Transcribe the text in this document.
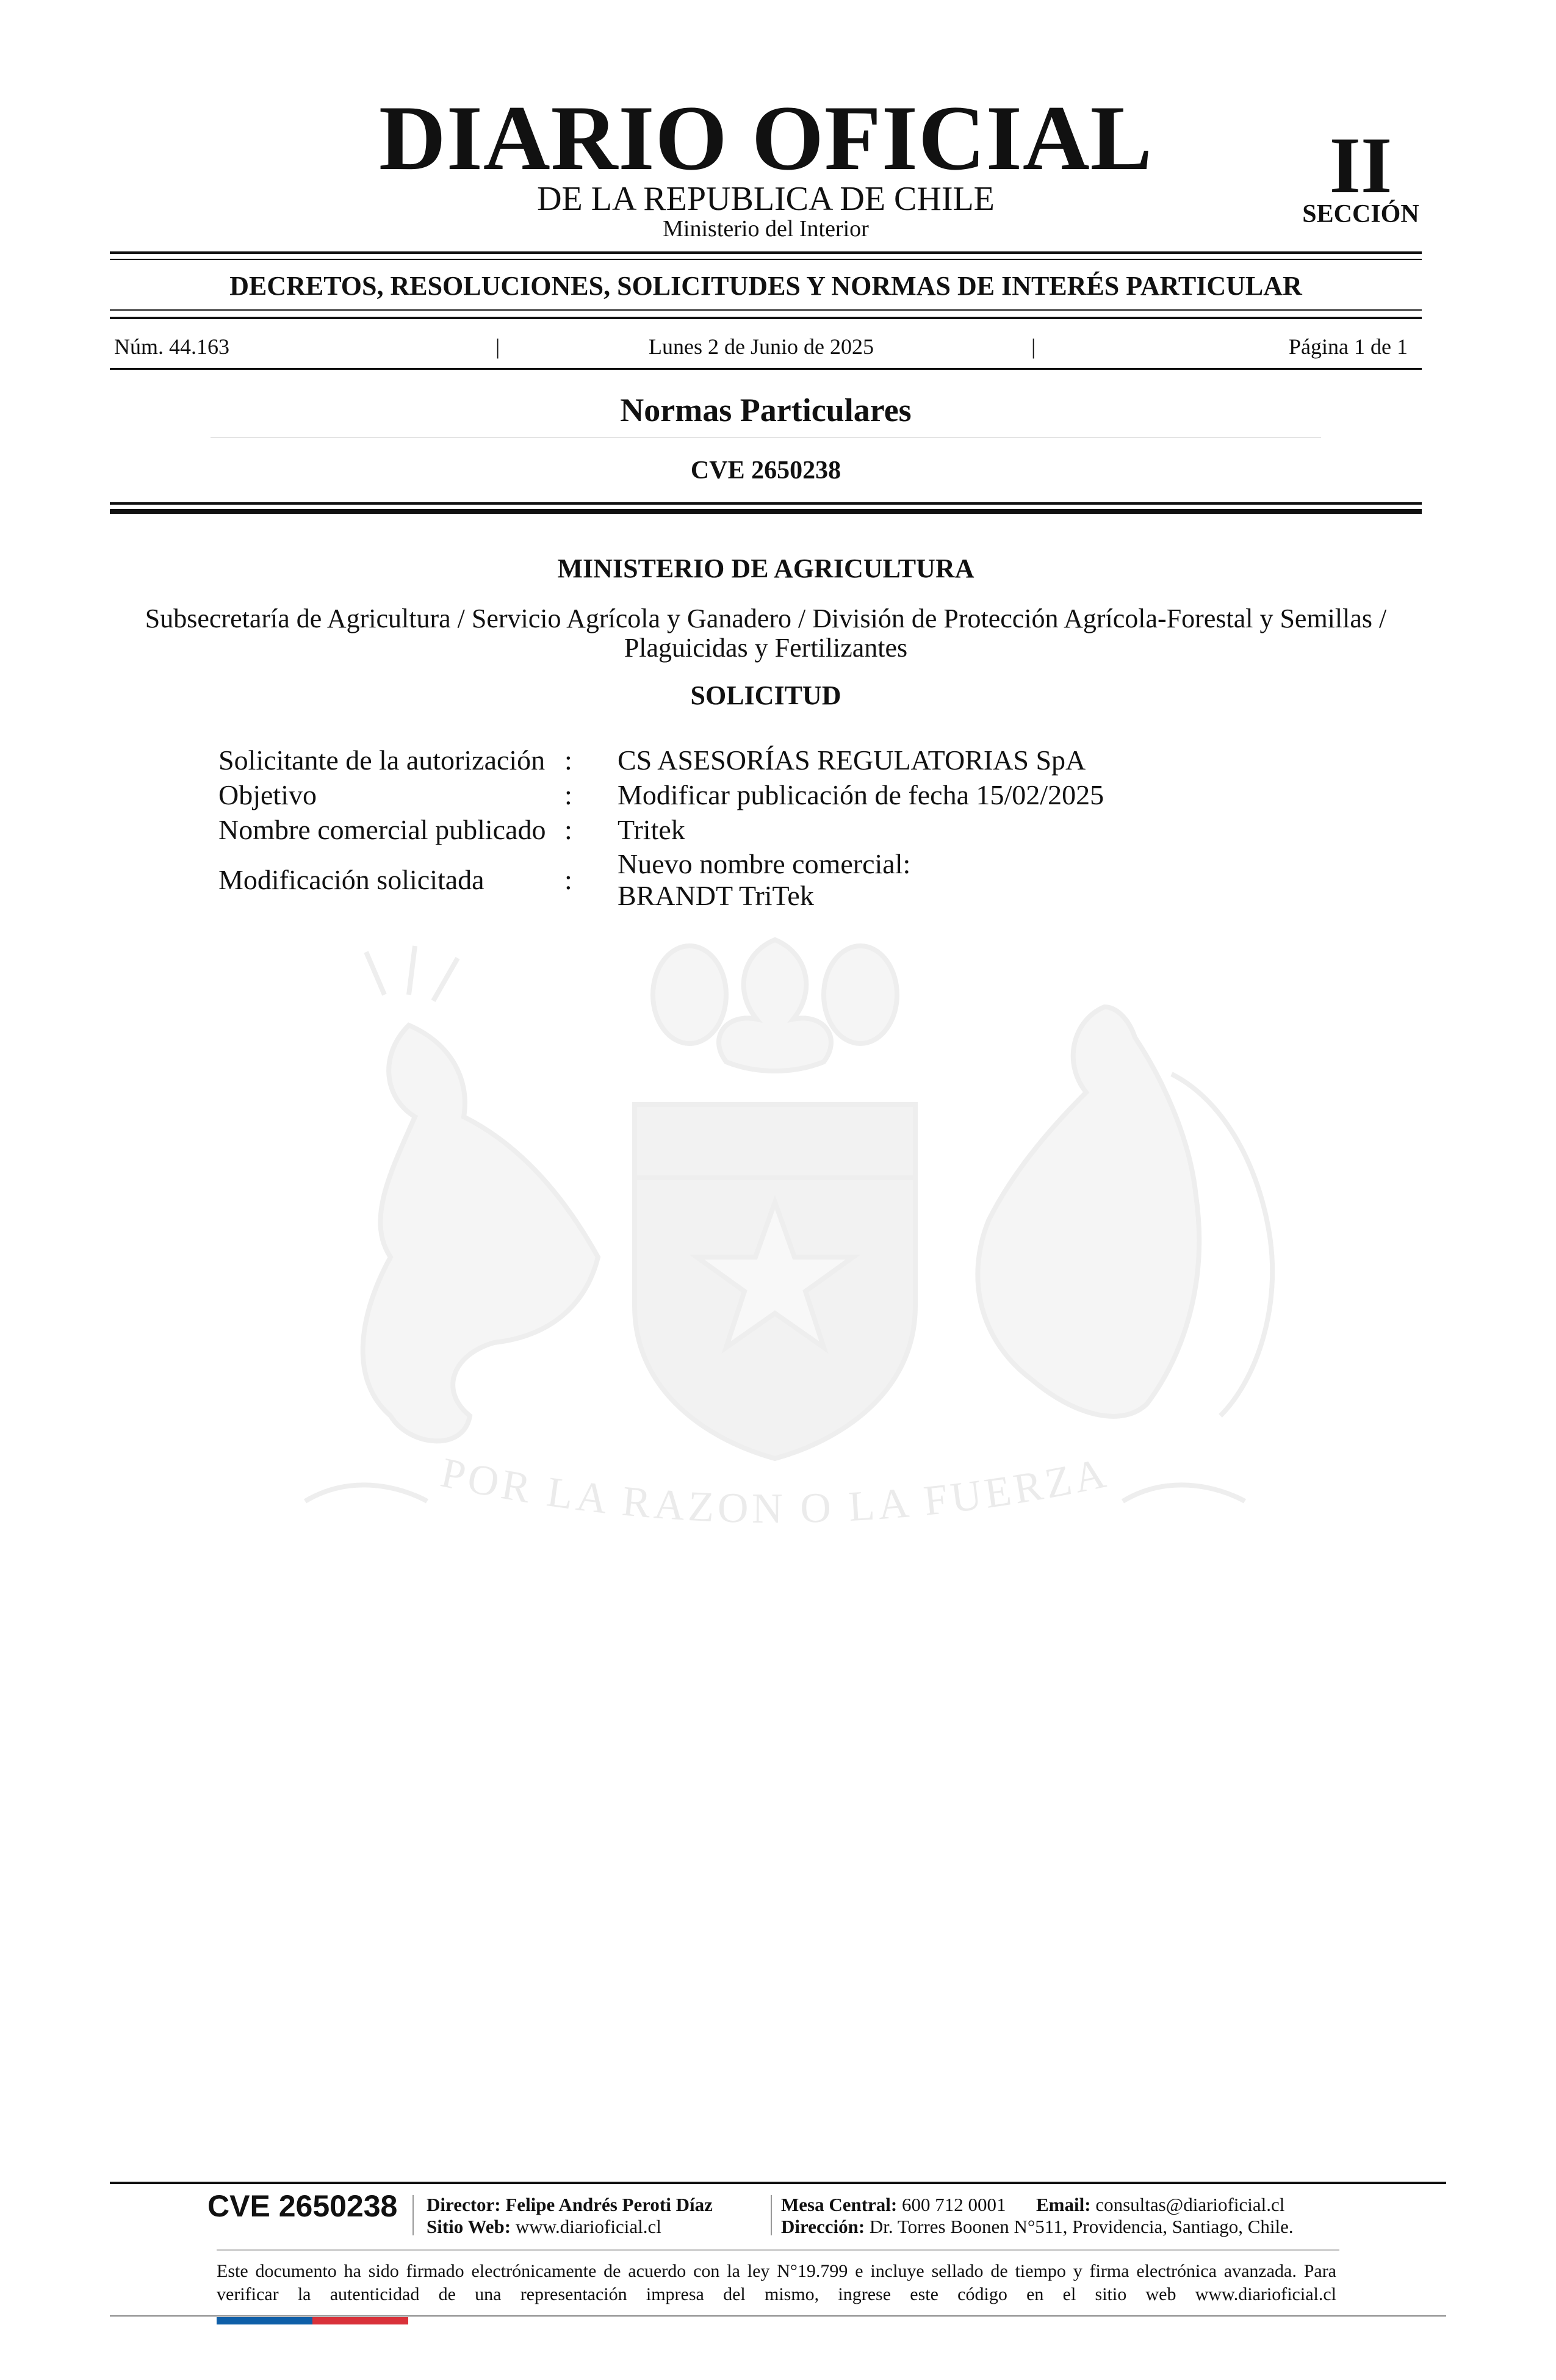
DIARIO OFICIAL
DE LA REPUBLICA DE CHILE
Ministerio del Interior
II
SECCIÓN
DECRETOS, RESOLUCIONES, SOLICITUDES Y NORMAS DE INTERÉS PARTICULAR
Núm. 44.163	|	Lunes 2 de Junio de 2025	|	Página 1 de 1
Normas Particulares
CVE 2650238
MINISTERIO DE AGRICULTURA
Subsecretaría de Agricultura / Servicio Agrícola y Ganadero / División de Protección Agrícola-Forestal y Semillas /
Plaguicidas y Fertilizantes
SOLICITUD
Solicitante de la autorización : CS ASESORÍAS REGULATORIAS SpA
Objetivo	: Modificar publicación de fecha 15/02/2025
Nombre comercial publicado : Tritek
Modificación solicitada	:
Nuevo nombre comercial:
BRANDT TriTek
POR LA RAZON O LA FUERZA
CVE 2650238 Director: Felipe Andrés Peroti Díaz
Sitio Web: www.diarioficial.cl
Mesa Central: 600 712 0001 Email: consultas@diarioficial.cl
Dirección: Dr. Torres Boonen N°511, Providencia, Santiago, Chile.
Este documento ha sido firmado electrónicamente de acuerdo con la ley N°19.799 e incluye sellado de tiempo y firma electrónica avanzada. Para verificar la autenticidad de una representación impresa del mismo, ingrese este código en el sitio web www.diarioficial.cl
